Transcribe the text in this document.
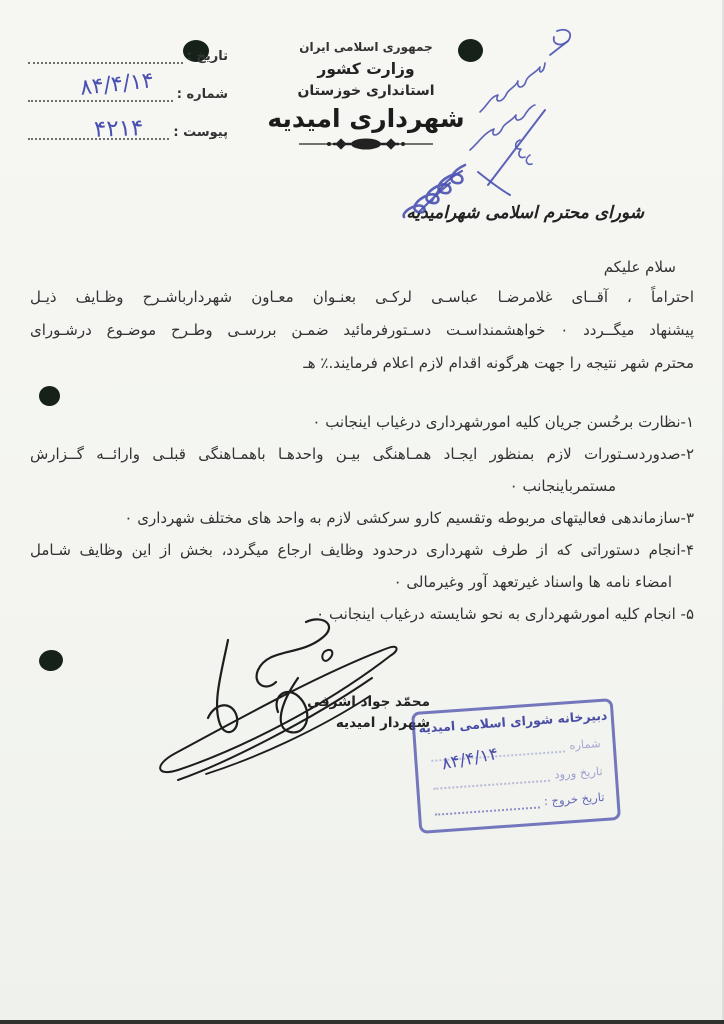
جمهوری اسلامی ایران
وزارت کشور
استانداری خوزستان
شهرداری امیدیه
تاریخ :
شماره :
پیوست :
۸۴/۴/۱۴
۴۲۱۴
شورای محترم اسلامی شهرامیدیه
سلام علیکم
احتراماً ، آقــای غلامرضـا عباسـی لرکـی بعنـوان معـاون شهردارباشـرح وظـایف ذیـل
پیشنهاد میگــردد ۰ خواهشمنداسـت دسـتورفرمائید ضمـن بررسـی وطـرح موضـوع درشـورای
محترم شهر نتیجه را جهت هرگونه اقدام لازم اعلام فرمایند.٪ هـ
۱-نظارت برحُسن جریان کلیه امورشهرداری درغیاب اینجانب ۰
۲-صدوردسـتورات لازم بمنظور ایجـاد همـاهنگی بیـن واحدهـا باهمـاهنگی قبلـی وارائــه گــزارش
مستمرباینجانب ۰
۳-سازماندهی فعالیتهای مربوطه وتقسیم کارو سرکشی لازم به واحد های مختلف شهرداری ۰
۴-انجام دستوراتی که از طرف شهرداری درحدود وظایف ارجاع میگردد، بخش از این وظایف شـامل
امضاء نامه ها واسناد غیرتعهد آور وغیرمالی ۰
۵- انجام کلیه امورشهرداری به نحو شایسته درغیاب اینجانب ۰
محمّد جواد اشرفی
شهردار امیدیه
دبیرخانه شورای اسلامی امیدیه
شماره
۸۴/۴/۱۴	تاریخ ورود
تاریخ خروج :
